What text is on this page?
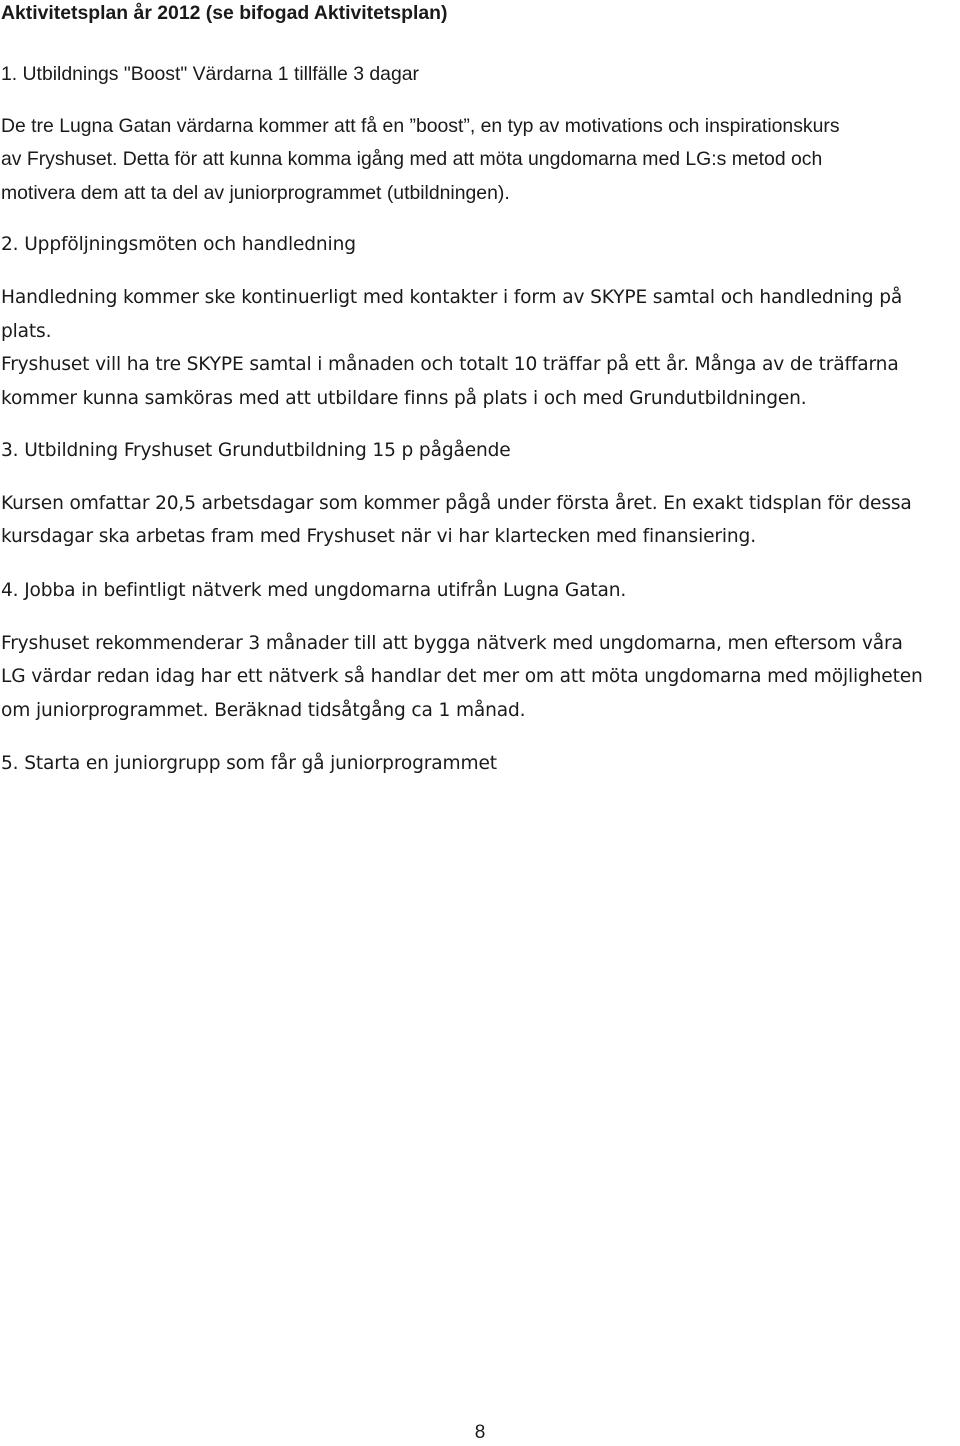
Aktivitetsplan år 2012 (se bifogad Aktivitetsplan)
1. Utbildnings "Boost" Värdarna 1 tillfälle 3 dagar
De tre Lugna Gatan värdarna kommer att få en ”boost”, en typ av motivations och inspirationskurs
av Fryshuset. Detta för att kunna komma igång med att möta ungdomarna med LG:s metod och
motivera dem att ta del av juniorprogrammet (utbildningen).
2. Uppföljningsmöten och handledning
Handledning kommer ske kontinuerligt med kontakter i form av SKYPE samtal och handledning på
plats.
Fryshuset vill ha tre SKYPE samtal i månaden och totalt 10 träffar på ett år. Många av de träffarna
kommer kunna samköras med att utbildare finns på plats i och med Grundutbildningen.
3. Utbildning Fryshuset Grundutbildning 15 p pågående
Kursen omfattar 20,5 arbetsdagar som kommer pågå under första året. En exakt tidsplan för dessa
kursdagar ska arbetas fram med Fryshuset när vi har klartecken med finansiering.
4. Jobba in befintligt nätverk med ungdomarna utifrån Lugna Gatan.
Fryshuset rekommenderar 3 månader till att bygga nätverk med ungdomarna, men eftersom våra
LG värdar redan idag har ett nätverk så handlar det mer om att möta ungdomarna med möjligheten
om juniorprogrammet. Beräknad tidsåtgång ca 1 månad.
5. Starta en juniorgrupp som får gå juniorprogrammet
8
